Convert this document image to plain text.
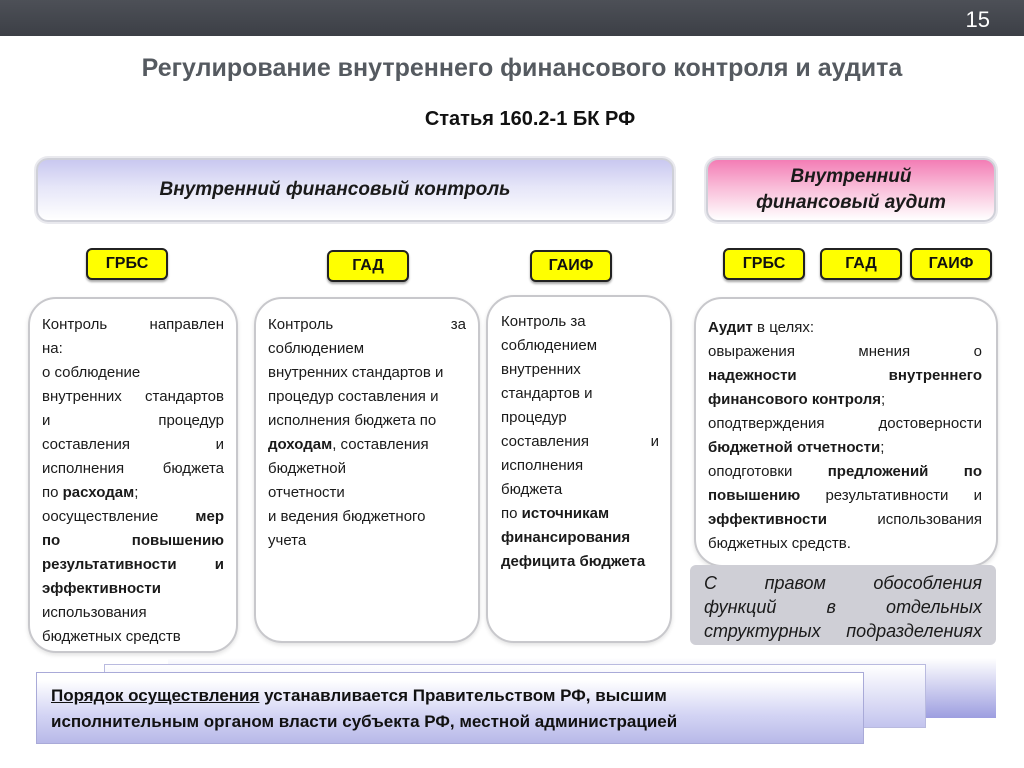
15
Регулирование внутреннего финансового контроля и аудита
Статья 160.2-1 БК РФ
Внутренний финансовый контроль
Внутренний
финансовый аудит
ГРБС	ГАД	ГАИФ	ГРБС	ГАД	ГАИФ
Контроль направлен
на:
o соблюдение
внутренних стандартов
и процедур
составления и
исполнения бюджета
по расходам;
oосуществление мер
по повышению
результативности и
эффективности
использования
бюджетных средств
Контроль за
соблюдением
внутренних стандартов и
процедур составления и
исполнения бюджета по
доходам, составления
бюджетной
отчетности
и ведения бюджетного
учета
Контроль за
соблюдением
внутренних
стандартов и
процедур
составления и
исполнения
бюджета
по источникам
финансирования
дефицита бюджета
Аудит в целях:
oвыражения мнения о
надежности внутреннего
финансового контроля;
oподтверждения достоверности
бюджетной отчетности;
oподготовки предложений по
повышению результативности и
эффективности использования
бюджетных средств.
С правом обособления
функций в отдельных
структурных подразделениях
Порядок осуществления устанавливается Правительством РФ, высшим
исполнительным органом власти субъекта РФ, местной администрацией
